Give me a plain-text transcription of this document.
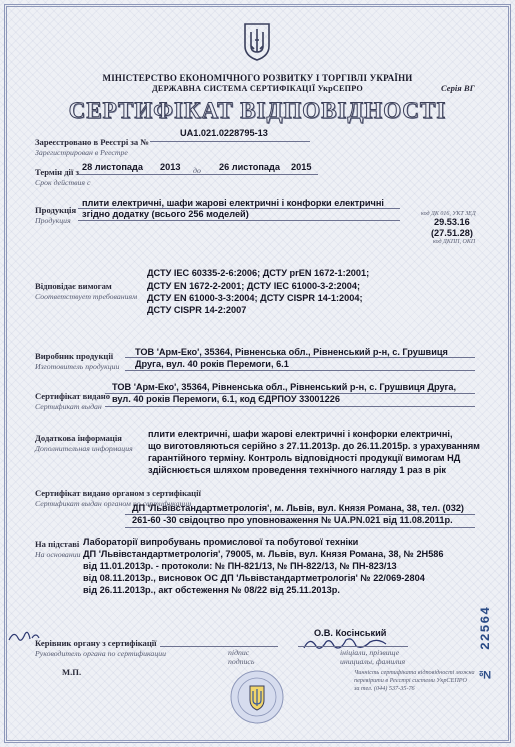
МІНІСТЕРСТВО ЕКОНОМІЧНОГО РОЗВИТКУ І ТОРГІВЛІ УКРАЇНИ
ДЕРЖАВНА СИСТЕМА СЕРТИФІКАЦІЇ УкрСЕПРО	Серія ВГ
СЕРТИФІКАТ ВІДПОВІДНОСТІ
Зареєстровано в Реєстрі за №
Зарегистрирован в Реестре
UA1.021.0228795-13
Термін дії з
Срок действия с
28 листопада 2013 до 26 листопада 2015
Продукція
Продукция
плити електричні, шафи жарові електричні і конфорки електричні
згідно додатку (всього 256 моделей)	код ДК 016, УКТ ЗЕД
29.53.16
(27.51.28)
код ДКПП, ОКП
Відповідає вимогам
Соответствует требованиям
ДСТУ IEC 60335-2-6:2006; ДСТУ prEN 1672-1:2001;
ДСТУ EN 1672-2-2001; ДСТУ IEC 61000-3-2:2004;
ДСТУ EN 61000-3-3:2004; ДСТУ CISPR 14-1:2004;
ДСТУ CISPR 14-2:2007
Виробник продукції
Изготовитель продукции
ТОВ 'Арм-Еко', 35364, Рівненська обл., Рівненський р-н, с. Грушвиця
Друга, вул. 40 років Перемоги, 6.1
Сертифікат видано
Сертификат выдан
ТОВ 'Арм-Еко', 35364, Рівненська обл., Рівненський р-н, с. Грушвиця Друга,
вул. 40 років Перемоги, 6.1, код ЄДРПОУ 33001226
Додаткова інформація
Дополнительная информация
плити електричні, шафи жарові електричні і конфорки електричні,
що виготовляються серійно з 27.11.2013р. до 26.11.2015р. з урахуванням
гарантійного терміну. Контроль відповідності продукції вимогам НД
здійснюється шляхом проведення технічного нагляду 1 раз в рік
Сертифікат видано органом з сертифікації
Сертификат выдан органом по сертификации
ДП 'Львівстандартметрологія', м. Львів, вул. Князя Романа, 38, тел. (032)
261-60 -30 свідоцтво про уповноваження № UA.PN.021 від 11.08.2011р.
На підставі
На основании
Лабораторії випробувань промислової та побутової техніки
ДП 'Львівстандартметрологія', 79005, м. Львів, вул. Князя Романа, 38, № 2Н586
від 11.01.2013р. - протоколи: № ПН-821/13, № ПН-822/13, № ПН-823/13
від 08.11.2013р., висновок ОС ДП 'Львівстандартметрологія' № 22/069-2804
від 26.11.2013р., акт обстеження № 08/22 від 25.11.2013р.
Керівник органу з сертифікації
Руководитель органа по сертификации
М.П.
підпис
подпись
О.В. Косінський
ініціали, прізвище
инициалы, фамилия
Чинність сертифіката відповідності можна
перевірити в Реєстрі системи УкрСЕПРО
за тел. (044) 537-35-76
№
22564
